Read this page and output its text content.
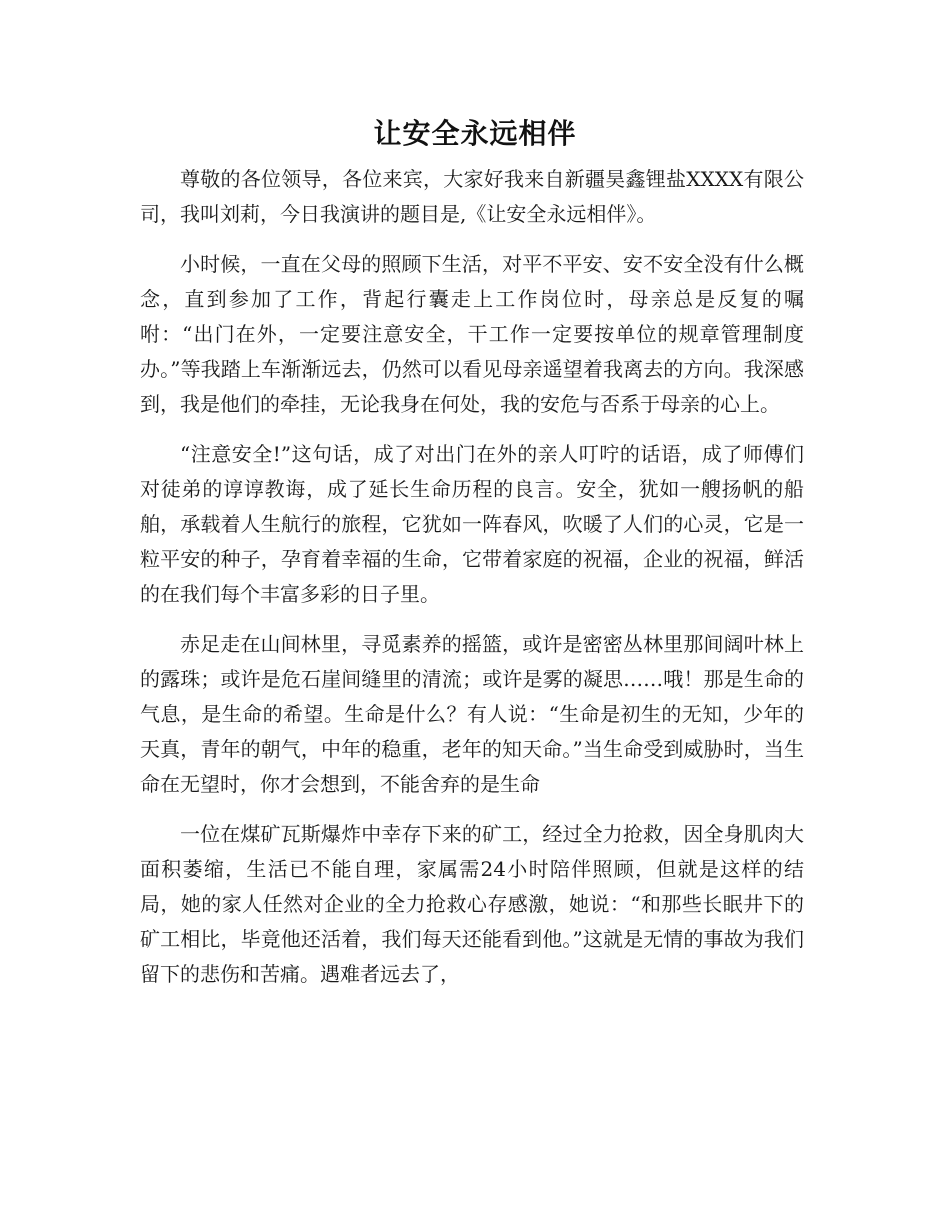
让安全永远相伴

尊敬的各位领导，各位来宾，大家好我来自新疆昊鑫锂盐XXXX有限公司，我叫刘莉，今日我演讲的题目是,《让安全永远相伴》。

小时候，一直在父母的照顾下生活，对平不平安、安不安全没有什么概念，直到参加了工作，背起行囊走上工作岗位时，母亲总是反复的嘱咐：“出门在外，一定要注意安全，干工作一定要按单位的规章管理制度办。”等我踏上车渐渐远去，仍然可以看见母亲遥望着我离去的方向。我深感到，我是他们的牵挂，无论我身在何处，我的安危与否系于母亲的心上。

“注意安全!”这句话，成了对出门在外的亲人叮咛的话语，成了师傅们对徒弟的谆谆教诲，成了延长生命历程的良言。安全，犹如一艘扬帆的船舶，承载着人生航行的旅程，它犹如一阵春风，吹暖了人们的心灵，它是一粒平安的种子，孕育着幸福的生命，它带着家庭的祝福，企业的祝福，鲜活的在我们每个丰富多彩的日子里。

赤足走在山间林里，寻觅素养的摇篮，或许是密密丛林里那间阔叶林上的露珠；或许是危石崖间缝里的清流；或许是雾的凝思……哦！那是生命的气息，是生命的希望。生命是什么？有人说：“生命是初生的无知，少年的天真，青年的朝气，中年的稳重，老年的知天命。”当生命受到威胁时，当生命在无望时，你才会想到，不能舍弃的是生命

一位在煤矿瓦斯爆炸中幸存下来的矿工，经过全力抢救，因全身肌肉大面积萎缩，生活已不能自理，家属需24小时陪伴照顾，但就是这样的结局，她的家人任然对企业的全力抢救心存感激，她说：“和那些长眠井下的矿工相比，毕竟他还活着，我们每天还能看到他。”这就是无情的事故为我们留下的悲伤和苦痛。遇难者远去了，
